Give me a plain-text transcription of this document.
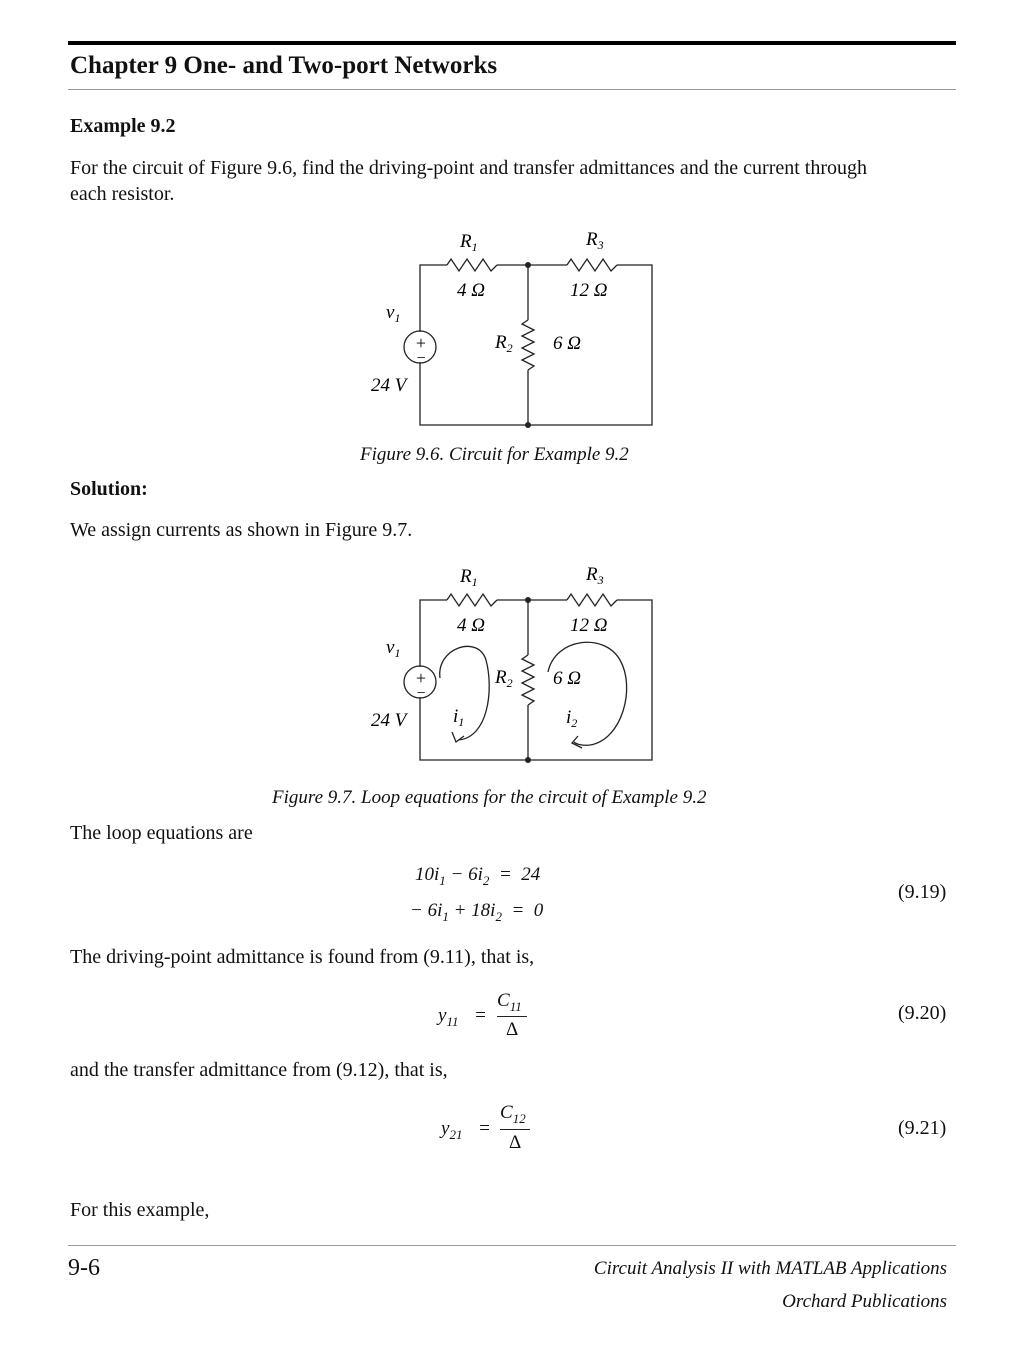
Chapter 9 One- and Two-port Networks
Example 9.2
For the circuit of Figure 9.6, find the driving-point and transfer admittances and the current through
each resistor.
+
−
$R_1$	$R_3$
4 Ω	12 Ω
$R_2$ 6 Ω
$v_1$
24 V
Figure 9.6. Circuit for Example 9.2
Solution:
We assign currents as shown in Figure 9.7.
+
−
$R_1$	$R_3$
4 Ω	12 Ω
$R_2$ 6 Ω
$v_1$
24 V $i_1$	$i_2$
Figure 9.7. Loop equations for the circuit of Example 9.2
The loop equations are
$10i_1 - 6i_2 = 24$
− $6i_1 + 18i_2 = 0$
(9.19)
The driving-point admittance is found from (9.11), that is,
$y_{11}$ =
$C_{11}$
Δ
(9.20)
and the transfer admittance from (9.12), that is,
$y_{21}$ =
$C_{12}$
Δ
(9.21)
For this example,
9-6	Circuit Analysis II with MATLAB Applications
Orchard Publications
